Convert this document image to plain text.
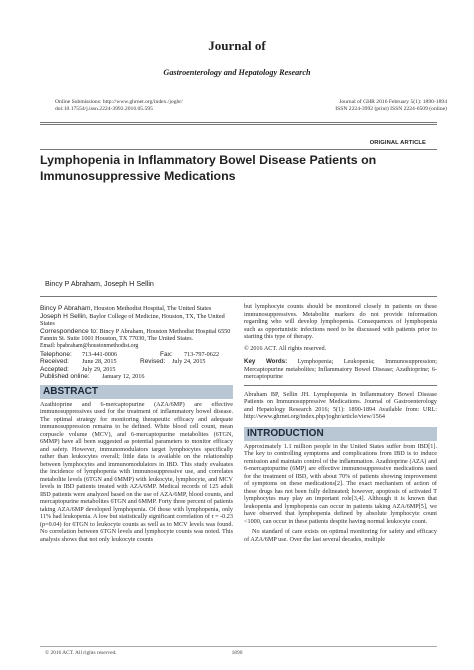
Journal of
Gastroenterology and Hepatology Research
Online Submissions: http://www.ghrnet.org/index./joghr/
doi:10.17554/j.issn.2224-3992.2016.05.595
Journal of GHR 2016 February 5(1): 1890-1894
ISSN 2224-3992 (print) ISSN 2224-6509 (online)
ORIGINAL ARTICLE
Lymphopenia in Inflammatory Bowel Disease Patients on Immunosuppressive Medications
Bincy P Abraham, Joseph H Sellin
Bincy P Abraham, Houston Methodist Hospital, The United States
Joseph H Sellin, Baylor College of Medicine, Houston, TX, The United States
Correspondence to: Bincy P Abraham, Houston Methodist Hospital 6550 Fannin St. Suite 1001 Houston, TX 77030, The United States.
Email: bpabraham@houstonmethodist.org
Telephone:	713-441-0006	Fax:	713-797-0622
Received:	June 28, 2015	Revised:	July 24, 2015
Accepted:	July 29, 2015
Published online:	January 12, 2016
ABSTRACT
Azathioprine and 6-mercaptopurine (AZA/6MP) are effective immunosuppressives used for the treatment of inflammatory bowel disease. The optimal strategy for monitoring therapeutic efficacy and adequate immunosuppression remains to be defined. White blood cell count, mean corpuscle volume (MCV), and 6-mercaptopurine metabolites (6TGN, 6MMP) have all been suggested as potential parameters to monitor efficacy and safety. However, immunomodulators target lymphocytes specifically rather than leukocytes overall; little data is available on the relationship between lymphocytes and immunomodulators in IBD. This study evaluates the incidence of lymphopenia with immunosuppressive use, and correlates metabolite levels (6TGN and 6MMP) with leukocyte, lymphocyte, and MCV levels in IBD patients treated with AZA/6MP. Medical records of 125 adult IBD patients were analyzed based on the use of AZA/6MP, blood counts, and mercaptopurine metabolites 6TGN and 6MMP. Forty three percent of patients taking AZA/6MP developed lymphopenia. Of those with lymphopenia, only 11% had leukopenia. A low but statistically significant correlation of r = -0.23 (p=0.04) for 6TGN to leukocyte counts as well as to MCV levels was found. No correlation between 6TGN levels and lymphocyte counts was noted. This analysis shows that not only leukocyte counts
but lymphocyte counts should be monitored closely in patients on these immunosuppressives. Metabolite markers do not provide information regarding who will develop lymphopenia. Consequences of lymphopenia such as opportunistic infections need to be discussed with patients prior to starting this type of therapy.
© 2016 ACT. All rights reserved.
Key Words: Lymphopenia; Leukopenia; Immunosuppression; Mercaptopurine metabolites; Inflammatory Bowel Disease; Azathioprine; 6-mercaptopurine
Abraham BP, Sellin JH. Lymphopenia in Inflammatory Bowel Disease Patients on Immunosuppressive Medications. Journal of Gastroenterology and Hepatology Research 2016; 5(1): 1890-1894 Available from: URL: http://www.ghrnet.org/index.php/joghr/article/view/1564
INTRODUCTION
Approximately 1.1 million people in the United States suffer from IBD[1]. The key to controlling symptoms and complications from IBD is to induce remission and maintain control of the inflammation. Azathioprine (AZA) and 6-mercaptopurine (6MP) are effective immunosuppressive medications used for the treatment of IBD, with about 70% of patients showing improvement of symptoms on these medications[2]. The exact mechanism of action of these drugs has not been fully delineated; however, apoptosis of activated T lymphocytes may play an important role[3,4]. Although it is known that leukopenia and lymphopenia can occur in patients taking AZA/6MP[5], we have observed that lymphopenia defined by absolute lymphocyte count <1000, can occur in these patients despite having normal leukocyte count.
No standard of care exists on optimal monitoring for safety and efficacy of AZA/6MP use. Over the last several decades, multiple
© 2016 ACT. All rights reserved.	1890
